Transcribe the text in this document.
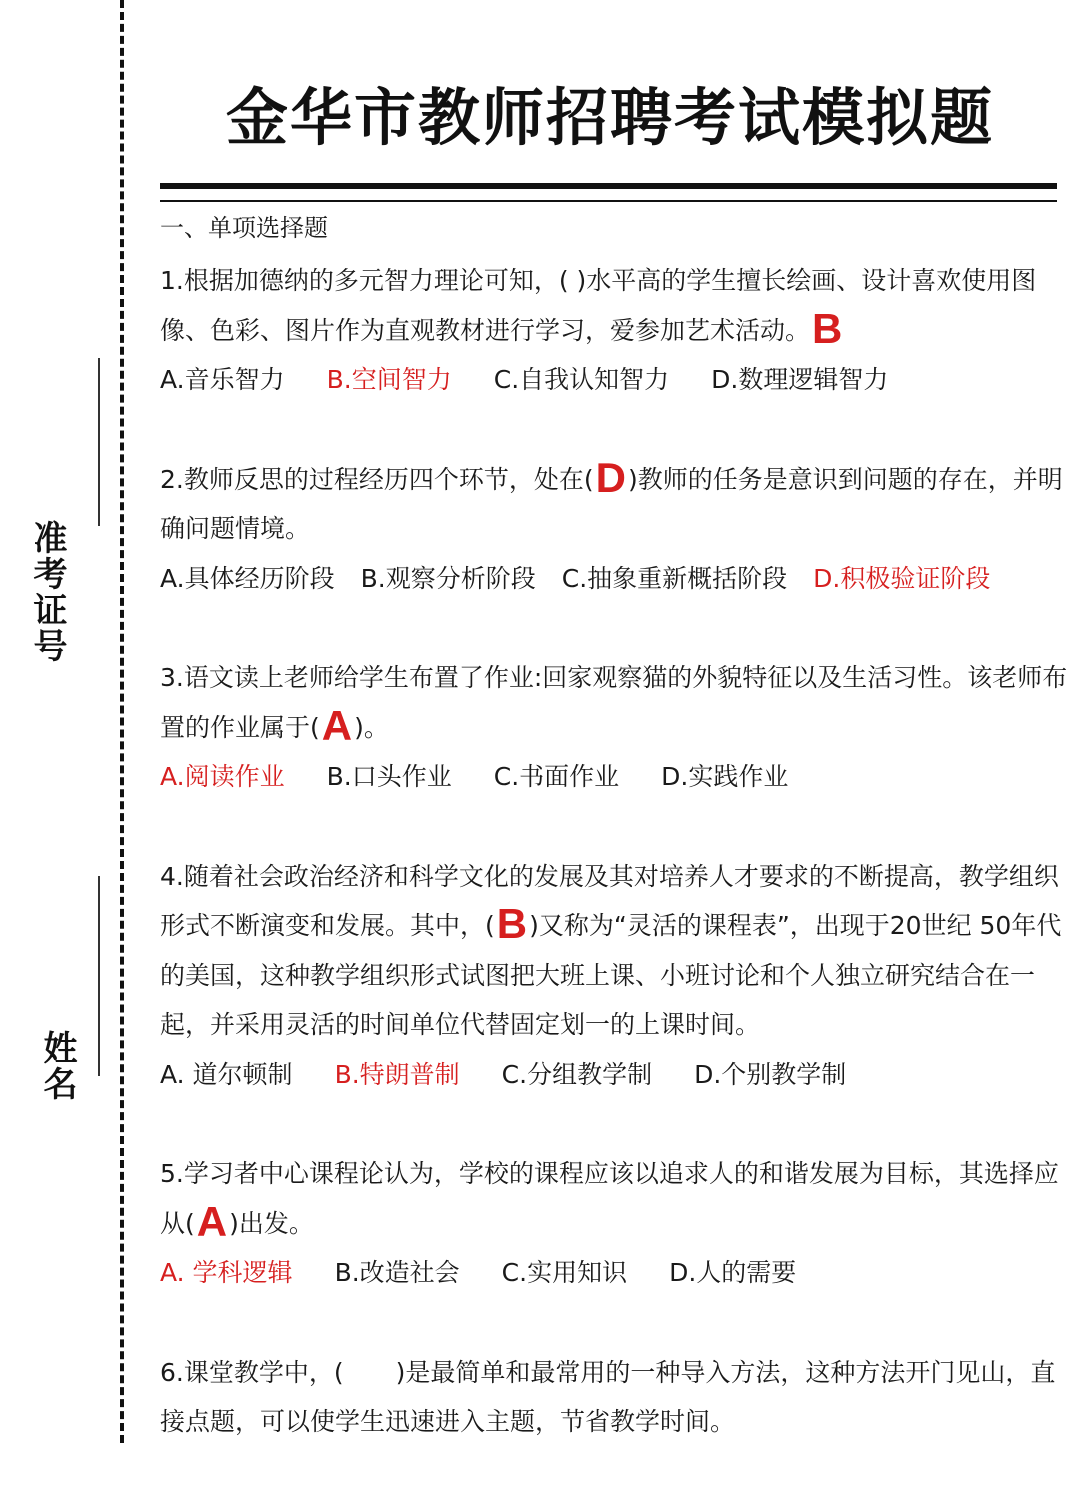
准考证号
姓名
金华市教师招聘考试模拟题
一、单项选择题
1.根据加德纳的多元智力理论可知，( )水平高的学生擅长绘画、设计喜欢使用图像、色彩、图片作为直观教材进行学习，爱参加艺术活动。B
A.音乐智力 B.空间智力 C.自我认知智力 D.数理逻辑智力
2.教师反思的过程经历四个环节，处在(D)教师的任务是意识到问题的存在，并明确问题情境。
A.具体经历阶段 B.观察分析阶段 C.抽象重新概括阶段 D.积极验证阶段
3.语文读上老师给学生布置了作业:回家观察猫的外貌特征以及生活习性。该老师布置的作业属于(A)。
A.阅读作业 B.口头作业 C.书面作业 D.实践作业
4.随着社会政治经济和科学文化的发展及其对培养人才要求的不断提高，教学组织形式不断演变和发展。其中，(B)又称为“灵活的课程表”，出现于20世纪 50年代的美国，这种教学组织形式试图把大班上课、小班讨论和个人独立研究结合在一起，并采用灵活的时间单位代替固定划一的上课时间。
A. 道尔顿制 B.特朗普制 C.分组教学制 D.个别教学制
5.学习者中心课程论认为，学校的课程应该以追求人的和谐发展为目标，其选择应从(A)出发。
A. 学科逻辑 B.改造社会 C.实用知识 D.人的需要
6.课堂教学中，( )是最简单和最常用的一种导入方法，这种方法开门见山，直接点题，可以使学生迅速进入主题，节省教学时间。
